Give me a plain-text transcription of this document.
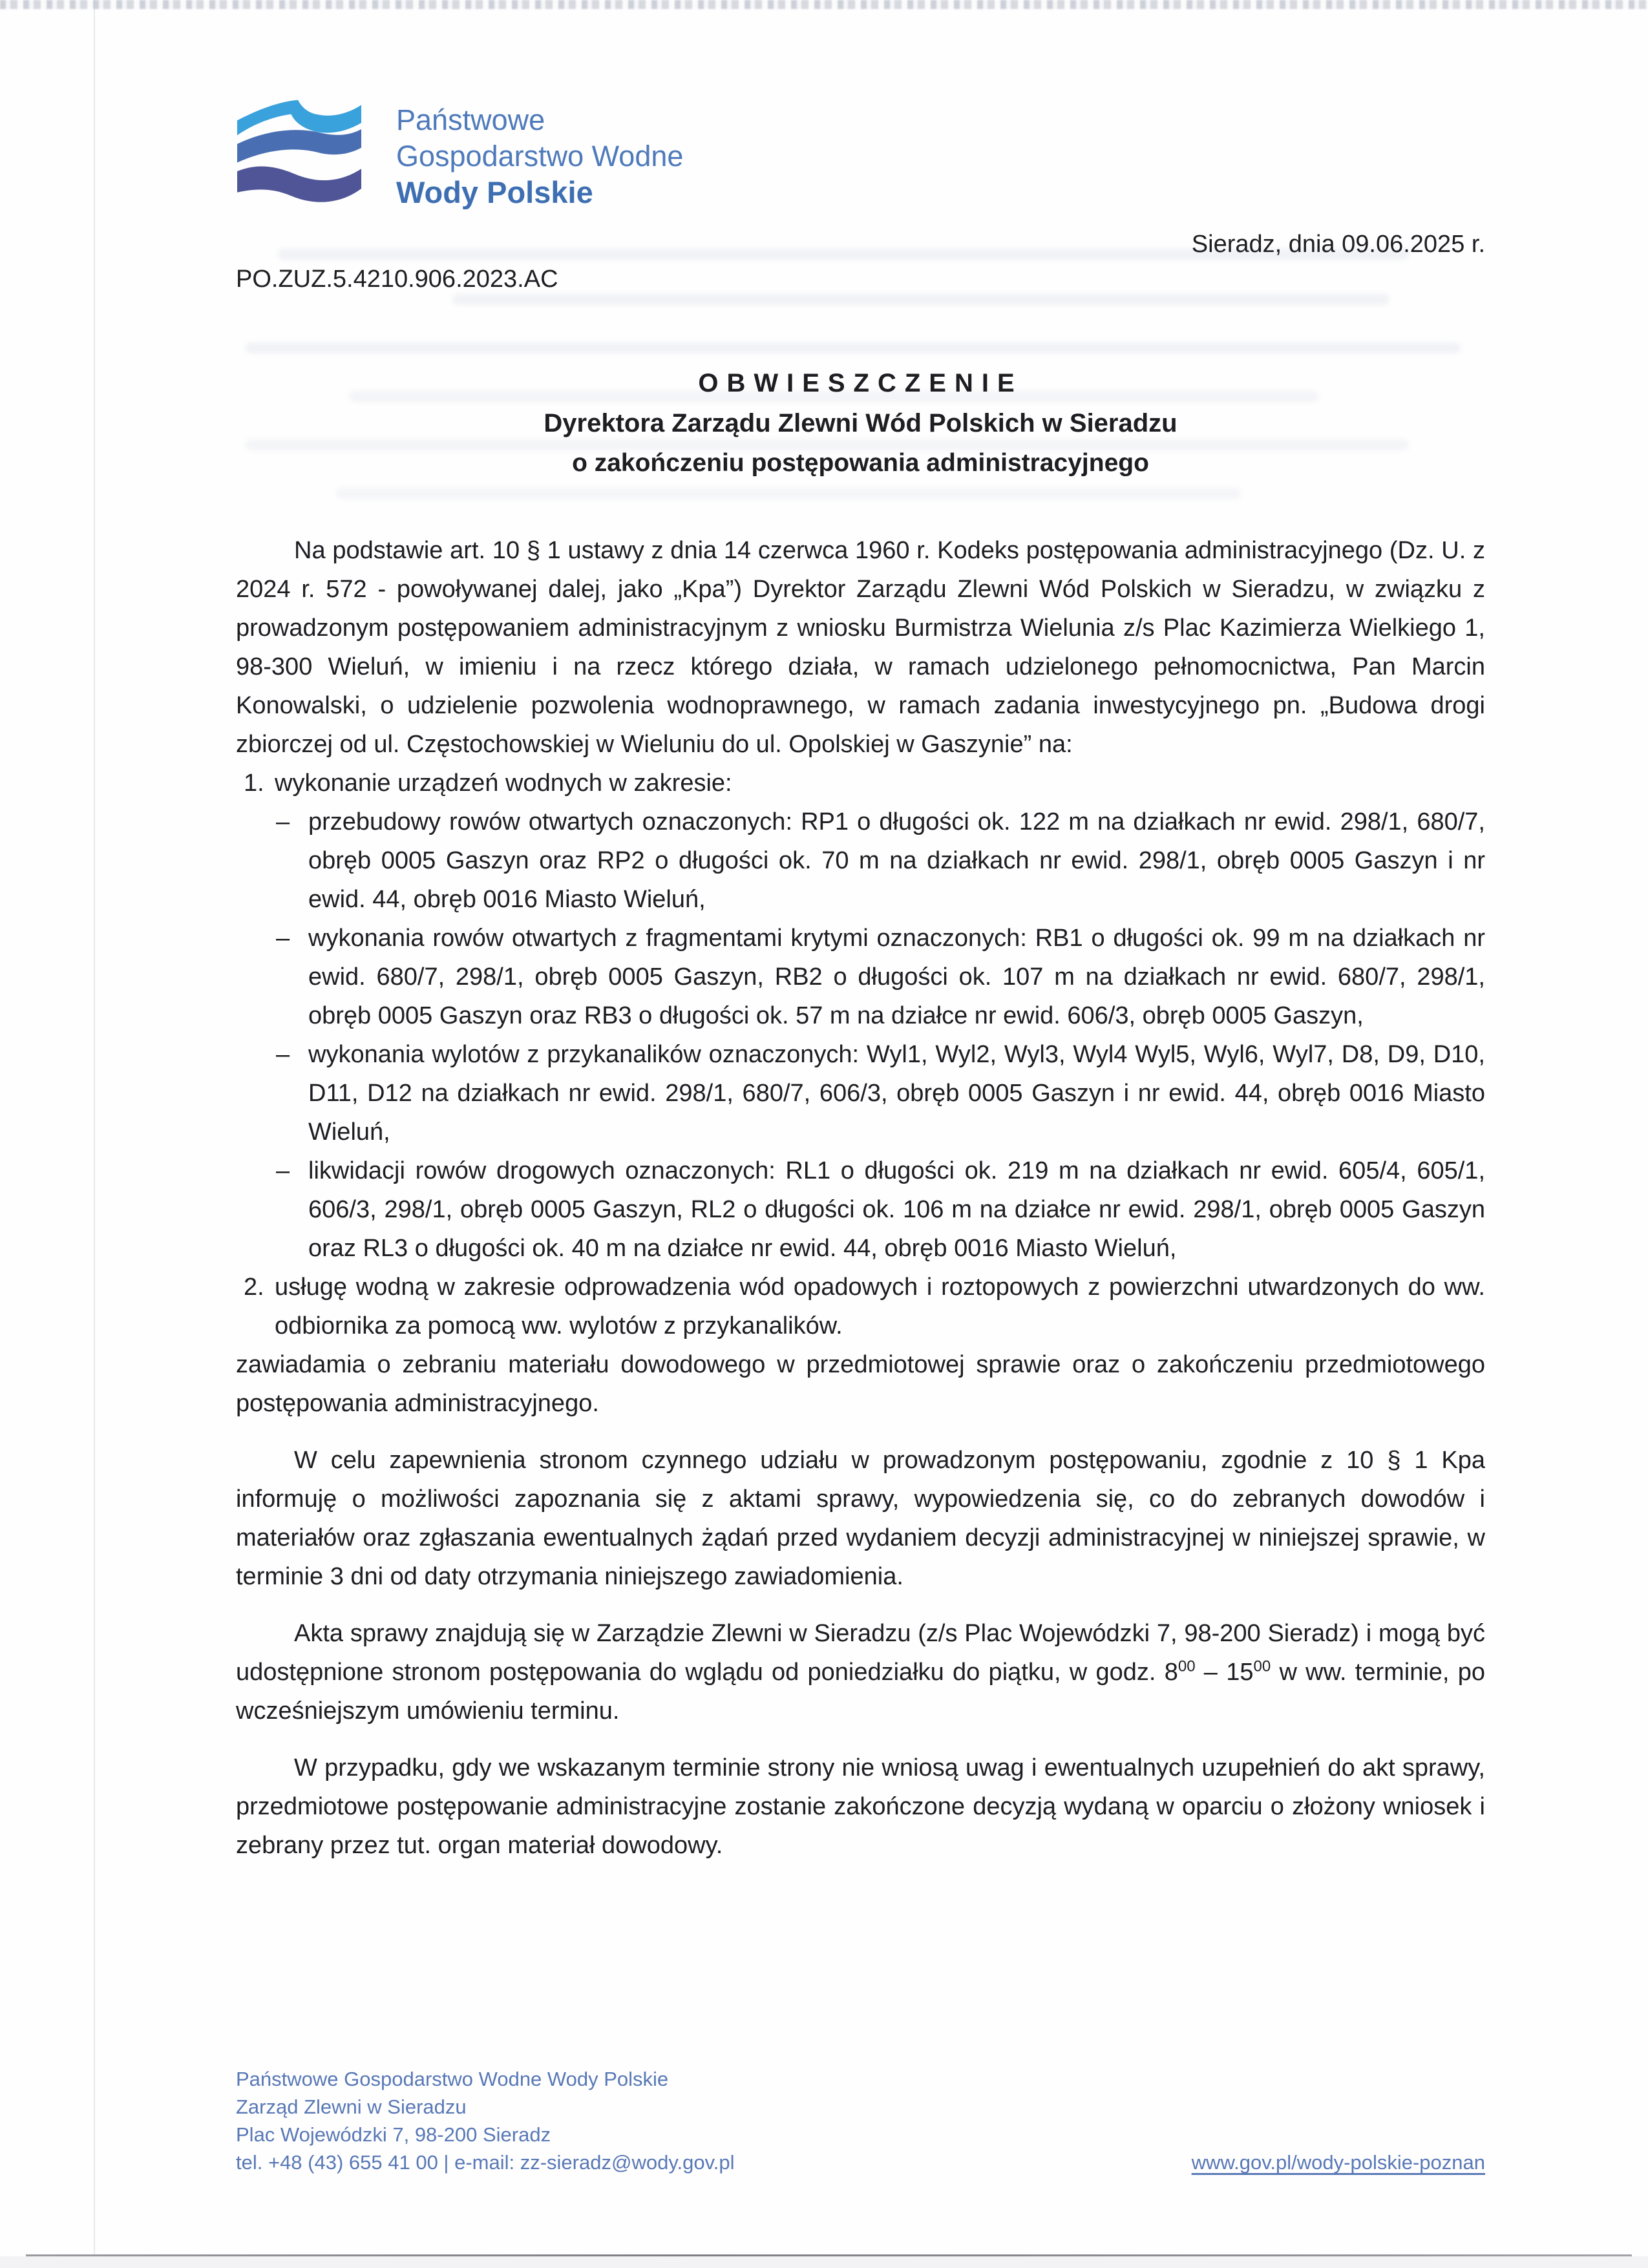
Państwowe
Gospodarstwo Wodne
Wody Polskie
Sieradz, dnia 09.06.2025 r.
PO.ZUZ.5.4210.906.2023.AC
OBWIESZCZENIE
Dyrektora Zarządu Zlewni Wód Polskich w Sieradzu
o zakończeniu postępowania administracyjnego
Na podstawie art. 10 § 1 ustawy z dnia 14 czerwca 1960 r. Kodeks postępowania administracyjnego (Dz. U. z 2024 r. 572 - powoływanej dalej, jako „Kpa”) Dyrektor Zarządu Zlewni Wód Polskich w Sieradzu, w związku z prowadzonym postępowaniem administracyjnym z wniosku Burmistrza Wielunia z/s Plac Kazimierza Wielkiego 1, 98-300 Wieluń, w imieniu i na rzecz którego działa, w ramach udzielonego pełnomocnictwa, Pan Marcin Konowalski, o udzielenie pozwolenia wodnoprawnego, w ramach zadania inwestycyjnego pn. „Budowa drogi zbiorczej od ul. Częstochowskiej w Wieluniu do ul. Opolskiej w Gaszynie” na:
1. wykonanie urządzeń wodnych w zakresie:
– przebudowy rowów otwartych oznaczonych: RP1 o długości ok. 122 m na działkach nr ewid. 298/1, 680/7, obręb 0005 Gaszyn oraz RP2 o długości ok. 70 m na działkach nr ewid. 298/1, obręb 0005 Gaszyn i nr ewid. 44, obręb 0016 Miasto Wieluń,
– wykonania rowów otwartych z fragmentami krytymi oznaczonych: RB1 o długości ok. 99 m na działkach nr ewid. 680/7, 298/1, obręb 0005 Gaszyn, RB2 o długości ok. 107 m na działkach nr ewid. 680/7, 298/1, obręb 0005 Gaszyn oraz RB3 o długości ok. 57 m na działce nr ewid. 606/3, obręb 0005 Gaszyn,
– wykonania wylotów z przykanalików oznaczonych: Wyl1, Wyl2, Wyl3, Wyl4 Wyl5, Wyl6, Wyl7, D8, D9, D10, D11, D12 na działkach nr ewid. 298/1, 680/7, 606/3, obręb 0005 Gaszyn i nr ewid. 44, obręb 0016 Miasto Wieluń,
– likwidacji rowów drogowych oznaczonych: RL1 o długości ok. 219 m na działkach nr ewid. 605/4, 605/1, 606/3, 298/1, obręb 0005 Gaszyn, RL2 o długości ok. 106 m na działce nr ewid. 298/1, obręb 0005 Gaszyn oraz RL3 o długości ok. 40 m na działce nr ewid. 44, obręb 0016 Miasto Wieluń,
2. usługę wodną w zakresie odprowadzenia wód opadowych i roztopowych z powierzchni utwardzonych do ww. odbiornika za pomocą ww. wylotów z przykanalików.
zawiadamia o zebraniu materiału dowodowego w przedmiotowej sprawie oraz o zakończeniu przedmiotowego postępowania administracyjnego.
W celu zapewnienia stronom czynnego udziału w prowadzonym postępowaniu, zgodnie z 10 § 1 Kpa informuję o możliwości zapoznania się z aktami sprawy, wypowiedzenia się, co do zebranych dowodów i materiałów oraz zgłaszania ewentualnych żądań przed wydaniem decyzji administracyjnej w niniejszej sprawie, w terminie 3 dni od daty otrzymania niniejszego zawiadomienia.
Akta sprawy znajdują się w Zarządzie Zlewni w Sieradzu (z/s Plac Wojewódzki 7, 98-200 Sieradz) i mogą być udostępnione stronom postępowania do wglądu od poniedziałku do piątku, w godz. $8^{00} - 15^{00}$ w ww. terminie, po wcześniejszym umówieniu terminu.
W przypadku, gdy we wskazanym terminie strony nie wniosą uwag i ewentualnych uzupełnień do akt sprawy, przedmiotowe postępowanie administracyjne zostanie zakończone decyzją wydaną w oparciu o złożony wniosek i zebrany przez tut. organ materiał dowodowy.
Państwowe Gospodarstwo Wodne Wody Polskie
Zarząd Zlewni w Sieradzu
Plac Wojewódzki 7, 98-200 Sieradz
tel. +48 (43) 655 41 00 | e-mail: zz-sieradz@wody.gov.pl	www.gov.pl/wody-polskie-poznan
